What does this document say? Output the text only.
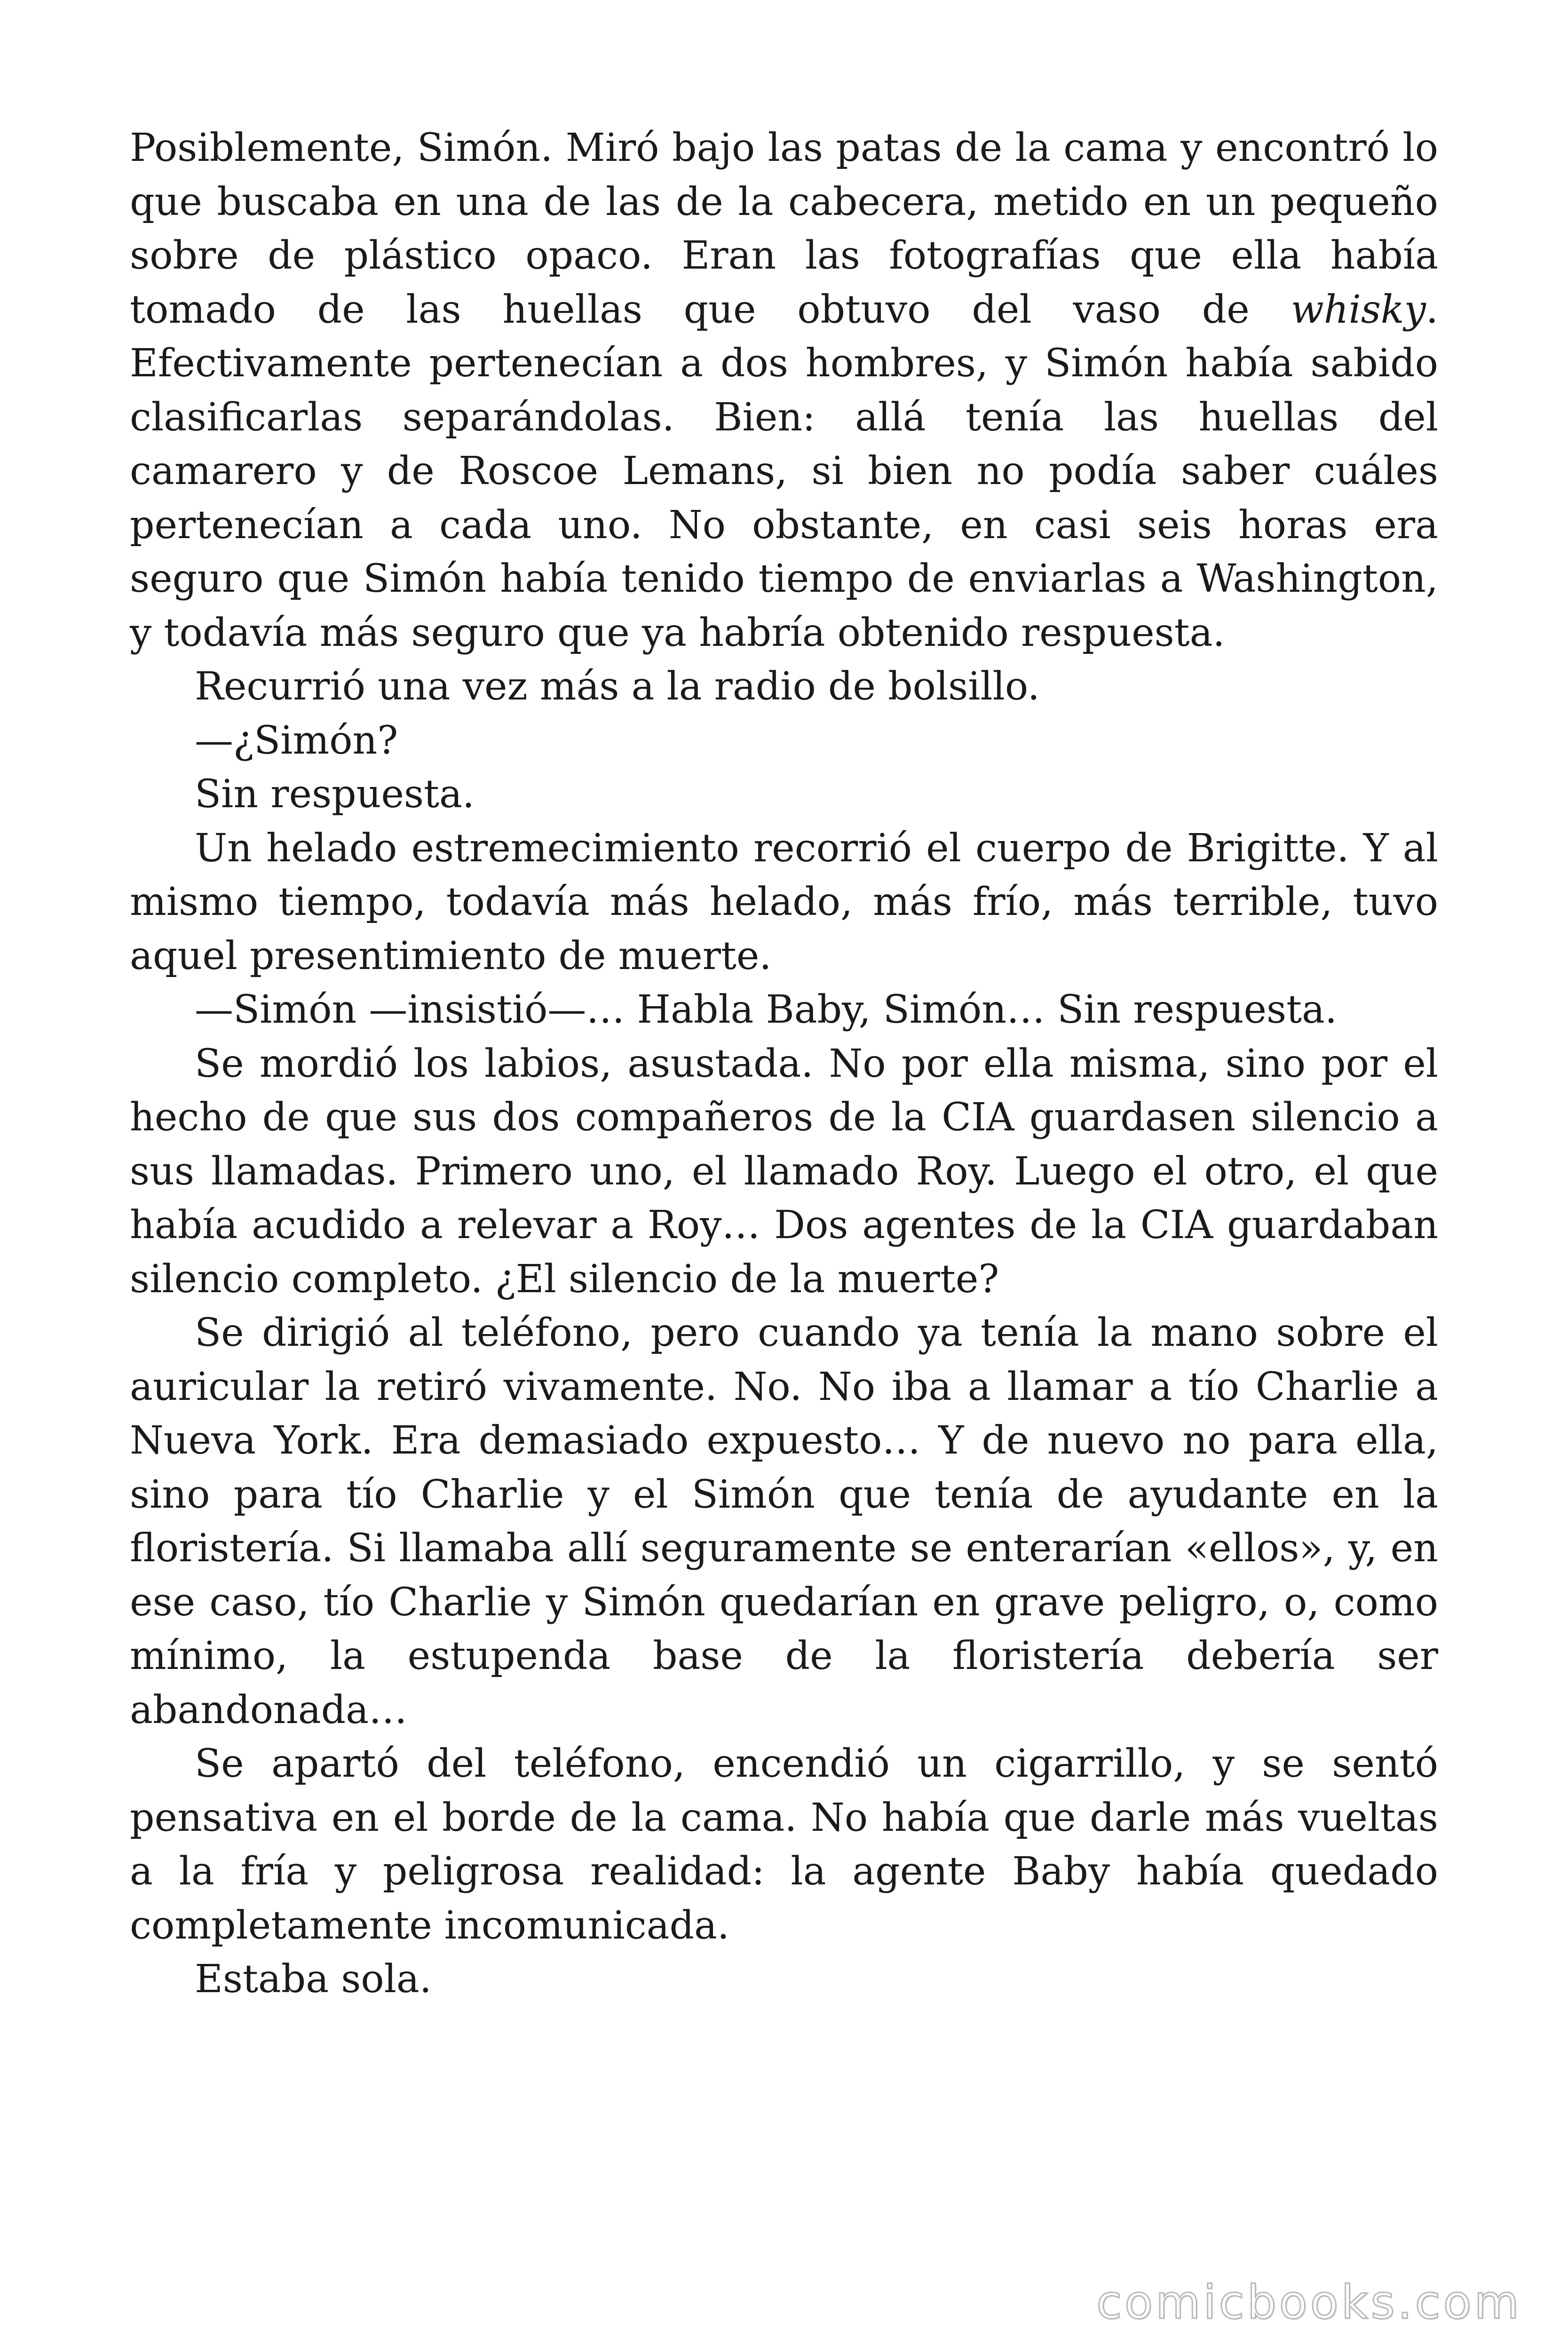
Posiblemente, Simón. Miró bajo las patas de la cama y encontró lo que buscaba en una de las de la cabecera, metido en un pequeño sobre de plástico opaco. Eran las fotografías que ella había tomado de las huellas que obtuvo del vaso de whisky. Efectivamente pertenecían a dos hombres, y Simón había sabido clasificarlas separándolas. Bien: allá tenía las huellas del camarero y de Roscoe Lemans, si bien no podía saber cuáles pertenecían a cada uno. No obstante, en casi seis horas era seguro que Simón había tenido tiempo de enviarlas a Washington, y todavía más seguro que ya habría obtenido respuesta.

Recurrió una vez más a la radio de bolsillo.

—¿Simón?

Sin respuesta.

Un helado estremecimiento recorrió el cuerpo de Brigitte. Y al mismo tiempo, todavía más helado, más frío, más terrible, tuvo aquel presentimiento de muerte.

—Simón —insistió—… Habla Baby, Simón… Sin respuesta.

Se mordió los labios, asustada. No por ella misma, sino por el hecho de que sus dos compañeros de la CIA guardasen silencio a sus llamadas. Primero uno, el llamado Roy. Luego el otro, el que había acudido a relevar a Roy… Dos agentes de la CIA guardaban silencio completo. ¿El silencio de la muerte?

Se dirigió al teléfono, pero cuando ya tenía la mano sobre el auricular la retiró vivamente. No. No iba a llamar a tío Charlie a Nueva York. Era demasiado expuesto… Y de nuevo no para ella, sino para tío Charlie y el Simón que tenía de ayudante en la floristería. Si llamaba allí seguramente se enterarían «ellos», y, en ese caso, tío Charlie y Simón quedarían en grave peligro, o, como mínimo, la estupenda base de la floristería debería ser abandonada…

Se apartó del teléfono, encendió un cigarrillo, y se sentó pensativa en el borde de la cama. No había que darle más vueltas a la fría y peligrosa realidad: la agente Baby había quedado completamente incomunicada.

Estaba sola.

comicbooks.com
